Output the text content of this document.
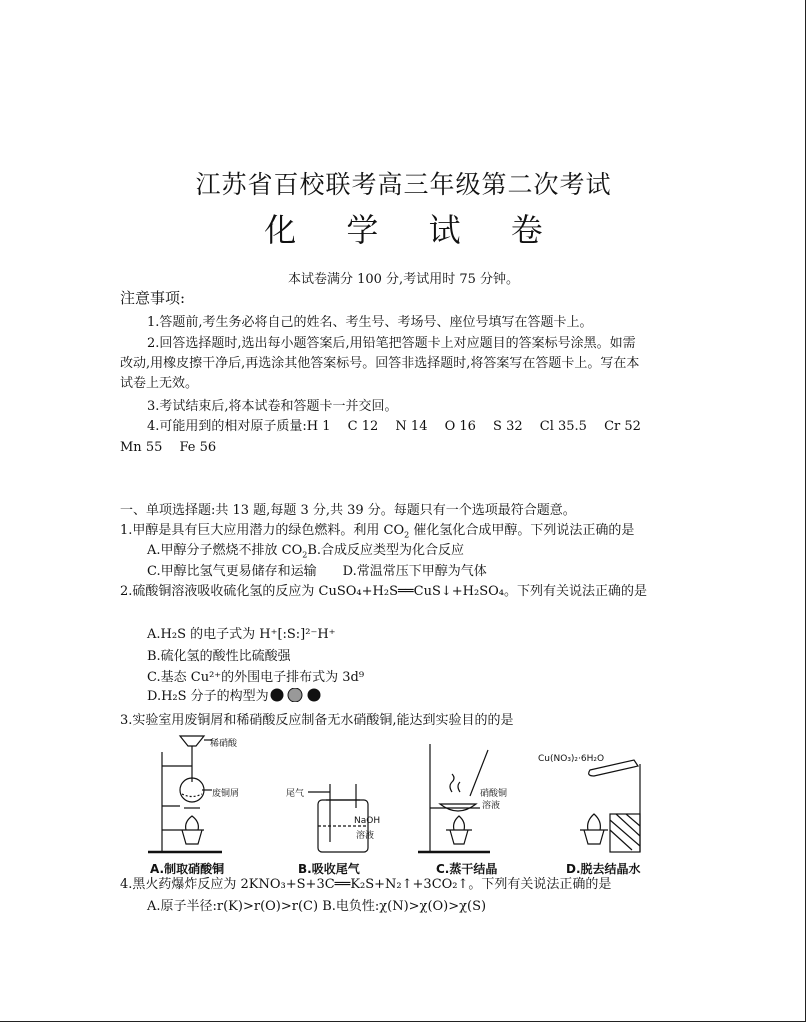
江苏省百校联考高三年级第二次考试
化 学 试 卷
本试卷满分 100 分,考试用时 75 分钟。
注意事项:
1.答题前,考生务必将自己的姓名、考生号、考场号、座位号填写在答题卡上。
2.回答选择题时,选出每小题答案后,用铅笔把答题卡上对应题目的答案标号涂黑。如需
改动,用橡皮擦干净后,再选涂其他答案标号。回答非选择题时,将答案写在答题卡上。写在本
试卷上无效。
3.考试结束后,将本试卷和答题卡一并交回。
4.可能用到的相对原子质量:H 1　 C 12　 N 14　 O 16　 S 32　 Cl 35.5　 Cr 52
Mn 55　 Fe 56
一、单项选择题:共 13 题,每题 3 分,共 39 分。每题只有一个选项最符合题意。
1.甲醇是具有巨大应用潜力的绿色燃料。利用 $CO_2$ 催化氢化合成甲醇。下列说法正确的是
A.甲醇分子燃烧不排放 $CO_2B$.合成反应类型为化合反应
C.甲醇比氢气更易储存和运输 D.常温常压下甲醇为气体
2.硫酸铜溶液吸收硫化氢的反应为 CuSO₄+H₂S══CuS↓+H₂SO₄。下列有关说法正确的是
A.H₂S 的电子式为 H⁺[:S:]²⁻H⁺
B.硫化氢的酸性比硫酸强
C.基态 Cu²⁺的外围电子排布式为 3d⁹
D.H₂S 分子的构型为
3.实验室用废铜屑和稀硝酸反应制备无水硝酸铜,能达到实验目的的是
稀硝酸
废铜屑	尾气
NaOH
溶液
硝酸铜
溶液
Cu(NO₃)₂·6H₂O
A.制取硝酸铜	B.吸收尾气	C.蒸干结晶	D.脱去结晶水
4.黑火药爆炸反应为 2KNO₃+S+3C══K₂S+N₂↑+3CO₂↑。下列有关说法正确的是
A.原子半径:r(K)>r(O)>r(C) B.电负性:χ(N)>χ(O)>χ(S)
